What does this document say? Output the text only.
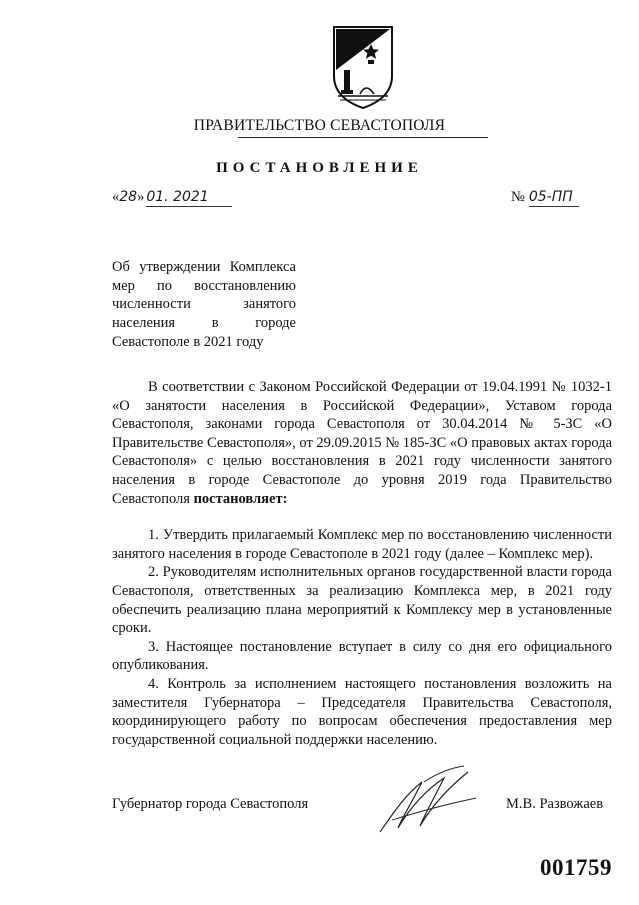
ПРАВИТЕЛЬСТВО СЕВАСТОПОЛЯ
ПОСТАНОВЛЕНИЕ
«28» 01. 2021	№ 05-ПП
Об утверждении Комплекса
мер по восстановлению
численности занятого
населения в городе
Севастополе в 2021 году

В соответствии с Законом Российской Федерации от 19.04.1991 № 1032-1 «О занятости населения в Российской Федерации», Уставом города Севастополя, законами города Севастополя от 30.04.2014 № 5-ЗС «О Правительстве Севастополя», от 29.09.2015 № 185-ЗС «О правовых актах города Севастополя» с целью восстановления в 2021 году численности занятого населения в городе Севастополе до уровня 2019 года Правительство Севастополя постановляет:

1. Утвердить прилагаемый Комплекс мер по восстановлению численности занятого населения в городе Севастополе в 2021 году (далее – Комплекс мер).

2. Руководителям исполнительных органов государственной власти города Севастополя, ответственных за реализацию Комплекса мер, в 2021 году обеспечить реализацию плана мероприятий к Комплексу мер в установленные сроки.

3. Настоящее постановление вступает в силу со дня его официального опубликования.

4. Контроль за исполнением настоящего постановления возложить на заместителя Губернатора – Председателя Правительства Севастополя, координирующего работу по вопросам обеспечения предоставления мер государственной социальной поддержки населению.

Губернатор города Севастополя	М.В. Развожаев
001759
